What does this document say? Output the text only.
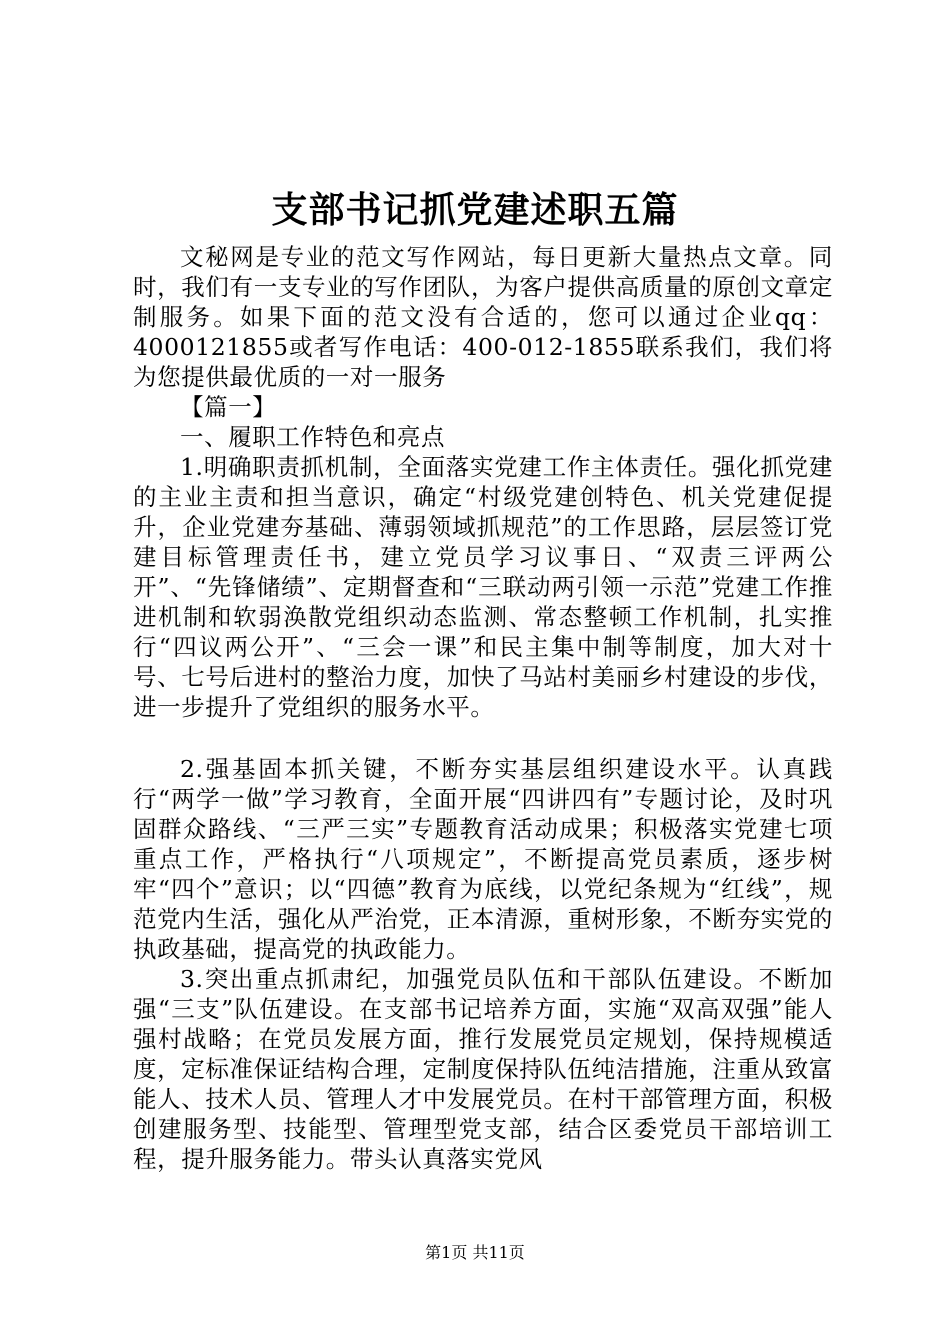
支部书记抓党建述职五篇

文秘网是专业的范文写作网站，每日更新大量热点文章。同时，我们有一支专业的写作团队，为客户提供高质量的原创文章定制服务。如果下面的范文没有合适的，您可以通过企业qq：4000121855或者写作电话：400-012-1855联系我们，我们将为您提供最优质的一对一服务

【篇一】

一、履职工作特色和亮点

1.明确职责抓机制，全面落实党建工作主体责任。强化抓党建的主业主责和担当意识，确定“村级党建创特色、机关党建促提升，企业党建夯基础、薄弱领域抓规范”的工作思路，层层签订党建目标管理责任书，建立党员学习议事日、“双责三评两公开”、“先锋储绩”、定期督查和“三联动两引领一示范”党建工作推进机制和软弱涣散党组织动态监测、常态整顿工作机制，扎实推行“四议两公开”、“三会一课”和民主集中制等制度，加大对十号、七号后进村的整治力度，加快了马站村美丽乡村建设的步伐，进一步提升了党组织的服务水平。

2.强基固本抓关键，不断夯实基层组织建设水平。认真践行“两学一做”学习教育，全面开展“四讲四有”专题讨论，及时巩固群众路线、“三严三实”专题教育活动成果；积极落实党建七项重点工作，严格执行“八项规定”，不断提高党员素质，逐步树牢“四个”意识；以“四德”教育为底线，以党纪条规为“红线”，规范党内生活，强化从严治党，正本清源，重树形象，不断夯实党的执政基础，提高党的执政能力。

3.突出重点抓肃纪，加强党员队伍和干部队伍建设。不断加强“三支”队伍建设。在支部书记培养方面，实施“双高双强”能人强村战略；在党员发展方面，推行发展党员定规划，保持规模适度，定标准保证结构合理，定制度保持队伍纯洁措施，注重从致富能人、技术人员、管理人才中发展党员。在村干部管理方面，积极创建服务型、技能型、管理型党支部，结合区委党员干部培训工程，提升服务能力。带头认真落实党风

第1页 共11页
